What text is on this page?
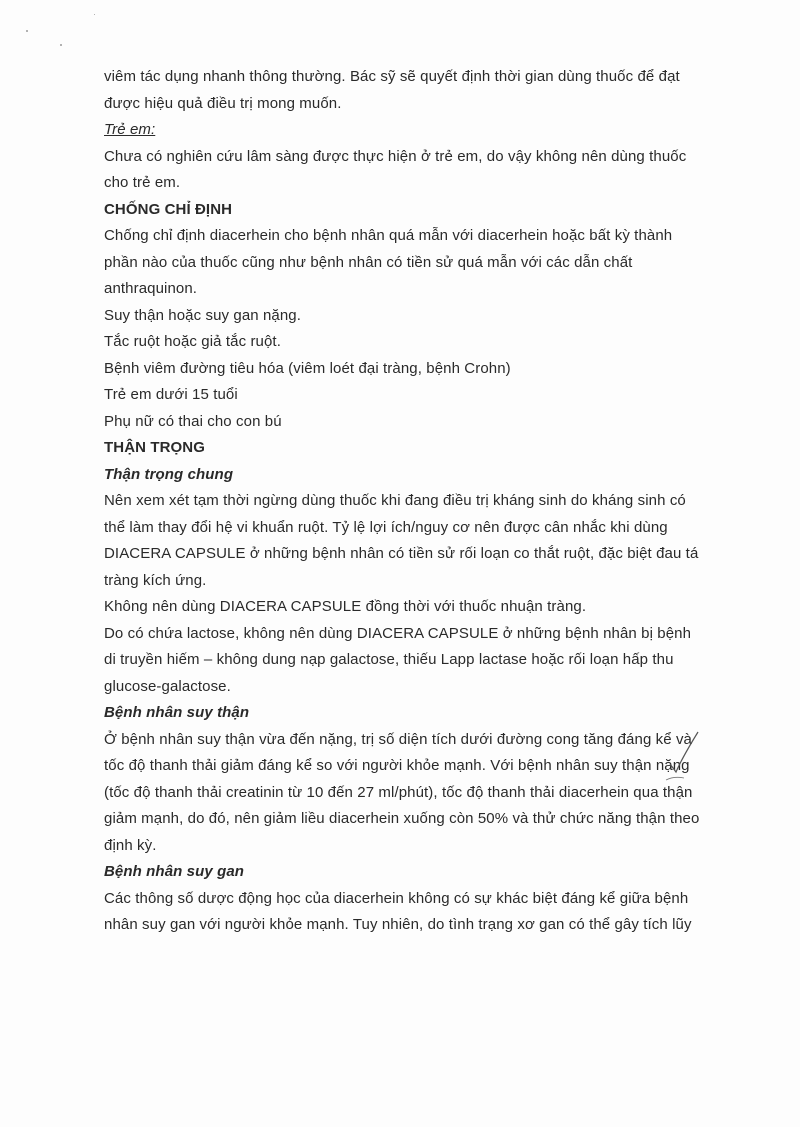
viêm tác dụng nhanh thông thường. Bác sỹ sẽ quyết định thời gian dùng thuốc để đạt

được hiệu quả điều trị mong muốn.

Trẻ em:

Chưa có nghiên cứu lâm sàng được thực hiện ở trẻ em, do vậy không nên dùng thuốc

cho trẻ em.

CHỐNG CHỈ ĐỊNH

Chống chỉ định diacerhein cho bệnh nhân quá mẫn với diacerhein hoặc bất kỳ thành

phần nào của thuốc cũng như bệnh nhân có tiền sử quá mẫn với các dẫn chất

anthraquinon.

Suy thận hoặc suy gan nặng.

Tắc ruột hoặc giả tắc ruột.

Bệnh viêm đường tiêu hóa (viêm loét đại tràng, bệnh Crohn)

Trẻ em dưới 15 tuổi

Phụ nữ có thai cho con bú

THẬN TRỌNG

Thận trọng chung

Nên xem xét tạm thời ngừng dùng thuốc khi đang điều trị kháng sinh do kháng sinh có

thể làm thay đổi hệ vi khuẩn ruột. Tỷ lệ lợi ích/nguy cơ nên được cân nhắc khi dùng

DIACERA CAPSULE ở những bệnh nhân có tiền sử rối loạn co thắt ruột, đặc biệt đau tá

tràng kích ứng.

Không nên dùng DIACERA CAPSULE đồng thời với thuốc nhuận tràng.

Do có chứa lactose, không nên dùng DIACERA CAPSULE ở những bệnh nhân bị bệnh

di truyền hiếm – không dung nạp galactose, thiếu Lapp lactase hoặc rối loạn hấp thu

glucose-galactose.

Bệnh nhân suy thận

Ở bệnh nhân suy thận vừa đến nặng, trị số diện tích dưới đường cong tăng đáng kể và

tốc độ thanh thải giảm đáng kể so với người khỏe mạnh. Với bệnh nhân suy thận nặng

(tốc độ thanh thải creatinin từ 10 đến 27 ml/phút), tốc độ thanh thải diacerhein qua thận

giảm mạnh, do đó, nên giảm liều diacerhein xuống còn 50% và thử chức năng thận theo

định kỳ.

Bệnh nhân suy gan

Các thông số dược động học của diacerhein không có sự khác biệt đáng kể giữa bệnh

nhân suy gan với người khỏe mạnh. Tuy nhiên, do tình trạng xơ gan có thể gây tích lũy
